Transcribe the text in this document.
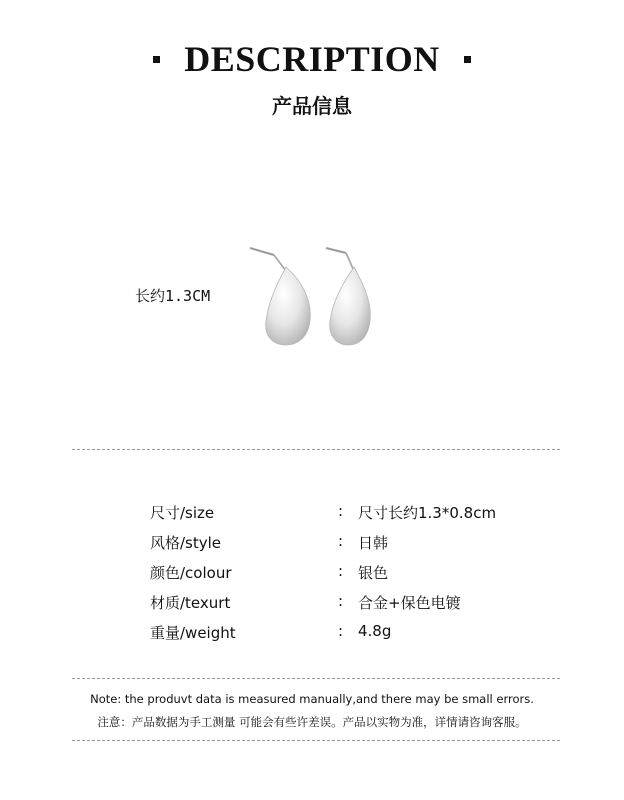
DESCRIPTION
产品信息
长约1.3CM
尺寸/size	: 尺寸长约1.3*0.8cm
风格/style	: 日韩
颜色/colour	: 银色
材质/texurt	: 合金+保色电镀
重量/weight	: 4.8g
Note: the produvt data is measured manually,and there may be small errors.
注意：产品数据为手工测量 可能会有些许差误。产品以实物为准，详情请咨询客服。
